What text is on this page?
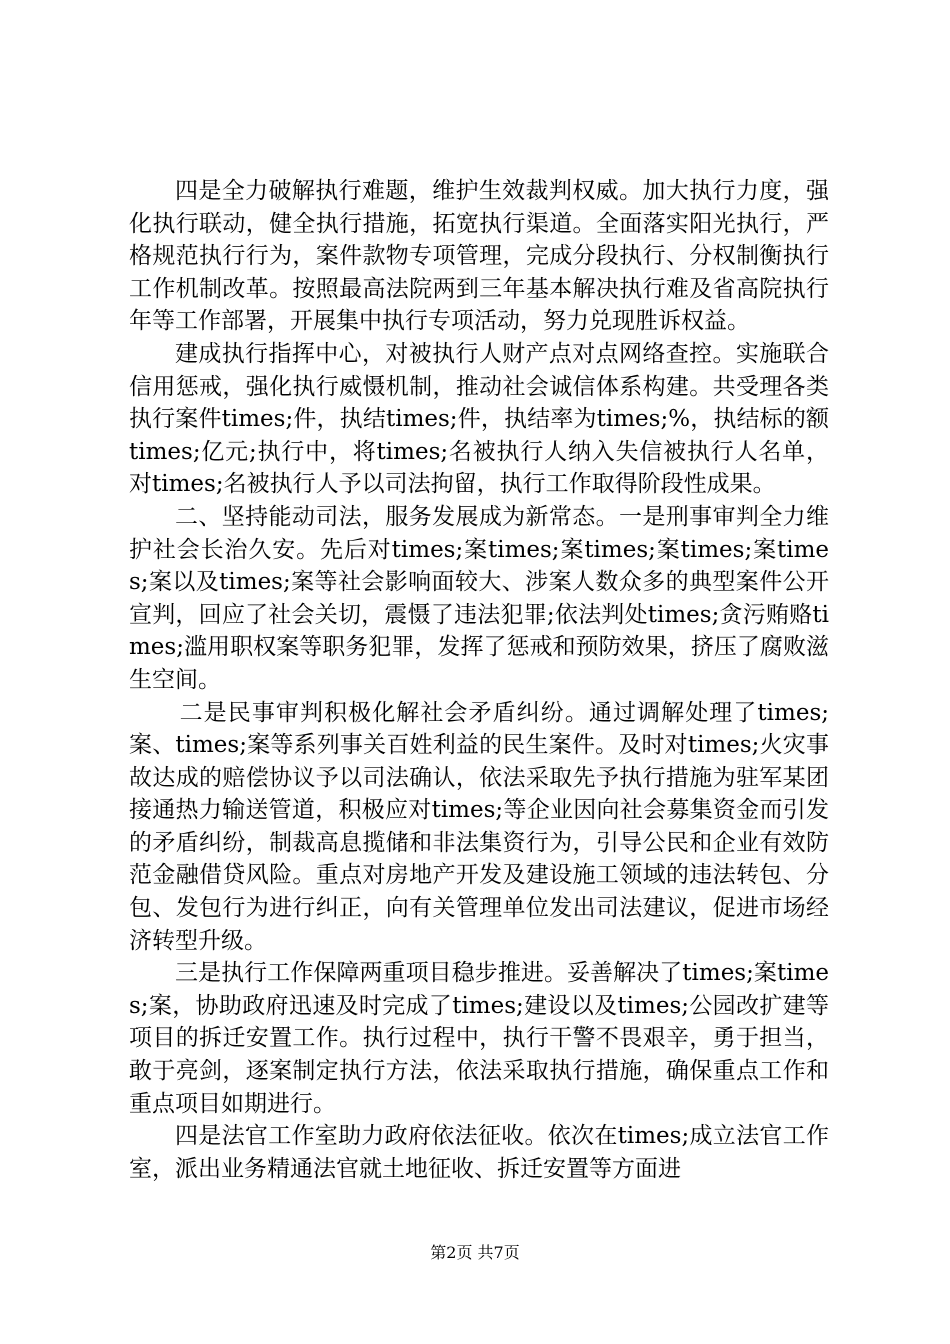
四是全力破解执行难题，维护生效裁判权威。加大执行力度，强化执行联动，健全执行措施，拓宽执行渠道。全面落实阳光执行，严格规范执行行为，案件款物专项管理，完成分段执行、分权制衡执行工作机制改革。按照最高法院两到三年基本解决执行难及省高院执行年等工作部署，开展集中执行专项活动，努力兑现胜诉权益。

建成执行指挥中心，对被执行人财产点对点网络查控。实施联合信用惩戒，强化执行威慑机制，推动社会诚信体系构建。共受理各类执行案件times;件，执结times;件，执结率为times;%，执结标的额times;亿元;执行中，将times;名被执行人纳入失信被执行人名单，对times;名被执行人予以司法拘留，执行工作取得阶段性成果。

二、坚持能动司法，服务发展成为新常态。一是刑事审判全力维护社会长治久安。先后对times;案times;案times;案times;案times;案以及times;案等社会影响面较大、涉案人数众多的典型案件公开宣判，回应了社会关切，震慑了违法犯罪;依法判处times;贪污贿赂times;滥用职权案等职务犯罪，发挥了惩戒和预防效果，挤压了腐败滋生空间。

二是民事审判积极化解社会矛盾纠纷。通过调解处理了times;案、times;案等系列事关百姓利益的民生案件。及时对times;火灾事故达成的赔偿协议予以司法确认，依法采取先予执行措施为驻军某团接通热力输送管道，积极应对times;等企业因向社会募集资金而引发的矛盾纠纷，制裁高息揽储和非法集资行为，引导公民和企业有效防范金融借贷风险。重点对房地产开发及建设施工领域的违法转包、分包、发包行为进行纠正，向有关管理单位发出司法建议，促进市场经济转型升级。

三是执行工作保障两重项目稳步推进。妥善解决了times;案times;案，协助政府迅速及时完成了times;建设以及times;公园改扩建等项目的拆迁安置工作。执行过程中，执行干警不畏艰辛，勇于担当，敢于亮剑，逐案制定执行方法，依法采取执行措施，确保重点工作和重点项目如期进行。

四是法官工作室助力政府依法征收。依次在times;成立法官工作室，派出业务精通法官就土地征收、拆迁安置等方面进

第2页 共7页
